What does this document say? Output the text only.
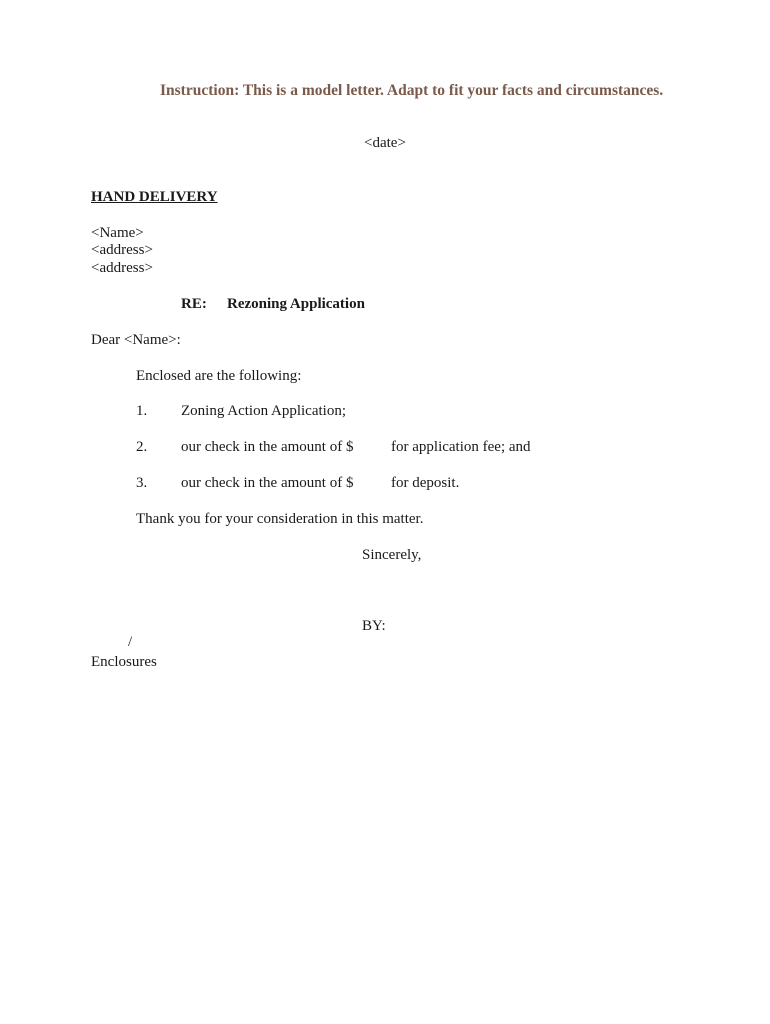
Instruction: This is a model letter. Adapt to fit your facts and circumstances.
<date>
HAND DELIVERY
<Name>
<address>
<address>
RE: Rezoning Application
Dear <Name>:
Enclosed are the following:
1. Zoning Action Application;
2. our check in the amount of $	for application fee; and
3. our check in the amount of $	for deposit.
Thank you for your consideration in this matter.
Sincerely,
BY:
/
Enclosures
